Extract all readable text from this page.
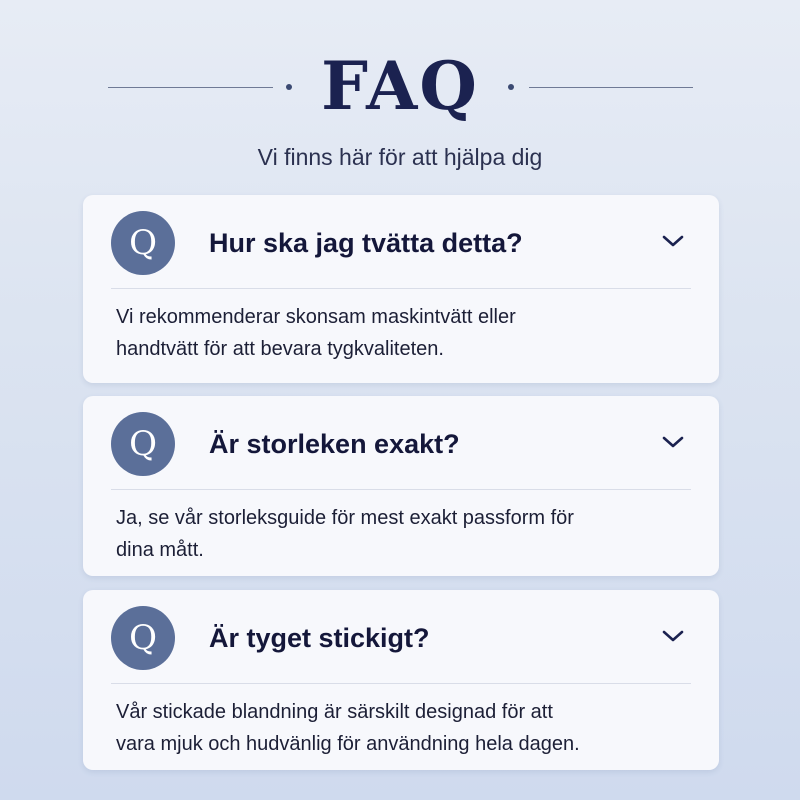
FAQ

Vi finns här för att hjälpa dig

Q	Hur ska jag tvätta detta?
Vi rekommenderar skonsam maskintvätt eller
handtvätt för att bevara tygkvaliteten.
Q	Är storleken exakt?
Ja, se vår storleksguide för mest exakt passform för
dina mått.
Q	Är tyget stickigt?
Vår stickade blandning är särskilt designad för att
vara mjuk och hudvänlig för användning hela dagen.
